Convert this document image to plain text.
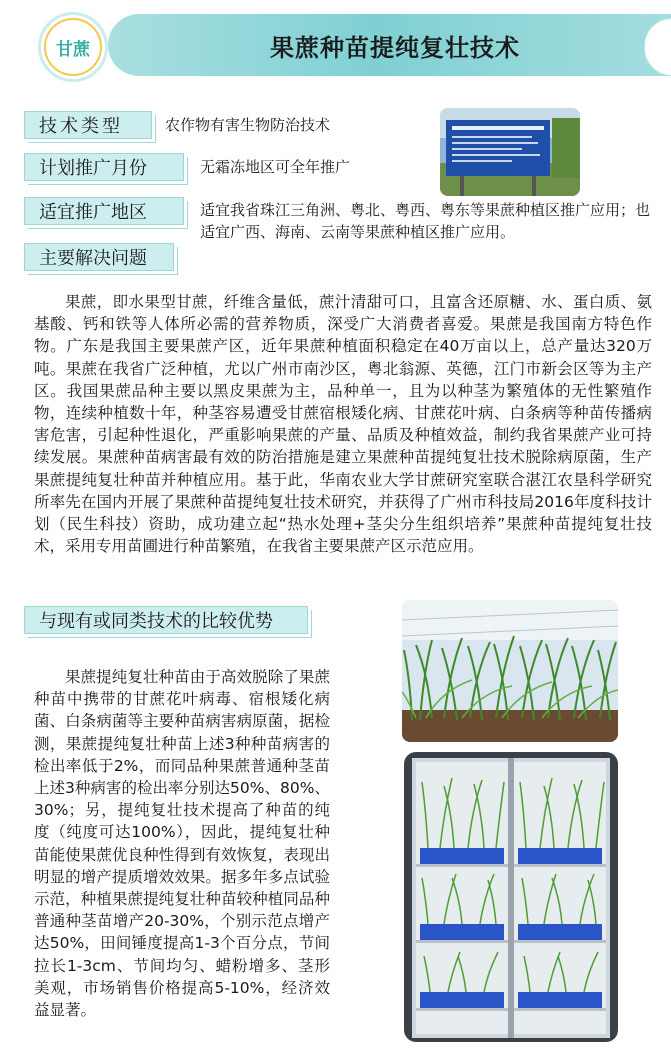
甘蔗	果蔗种苗提纯复壮技术
技术类型	农作物有害生物防治技术
计划推广月份	无霜冻地区可全年推广
适宜推广地区	适宜我省珠江三角洲、粤北、粤西、粤东等果蔗种植区推广应用；也适宜广西、海南、云南等果蔗种植区推广应用。
主要解决问题
果蔗，即水果型甘蔗，纤维含量低，蔗汁清甜可口，且富含还原糖、水、蛋白质、氨基酸、钙和铁等人体所必需的营养物质，深受广大消费者喜爱。果蔗是我国南方特色作物。广东是我国主要果蔗产区，近年果蔗种植面积稳定在40万亩以上，总产量达320万吨。果蔗在我省广泛种植，尤以广州市南沙区，粤北翁源、英德，江门市新会区等为主产区。我国果蔗品种主要以黑皮果蔗为主，品种单一，且为以种茎为繁殖体的无性繁殖作物，连续种植数十年，种茎容易遭受甘蔗宿根矮化病、甘蔗花叶病、白条病等种苗传播病害危害，引起种性退化，严重影响果蔗的产量、品质及种植效益，制约我省果蔗产业可持续发展。果蔗种苗病害最有效的防治措施是建立果蔗种苗提纯复壮技术脱除病原菌，生产果蔗提纯复壮种苗并种植应用。基于此，华南农业大学甘蔗研究室联合湛江农垦科学研究所率先在国内开展了果蔗种苗提纯复壮技术研究，并获得了广州市科技局2016年度科技计划（民生科技）资助，成功建立起“热水处理+茎尖分生组织培养”果蔗种苗提纯复壮技术，采用专用苗圃进行种苗繁殖，在我省主要果蔗产区示范应用。
与现有或同类技术的比较优势
果蔗提纯复壮种苗由于高效脱除了果蔗种苗中携带的甘蔗花叶病毒、宿根矮化病菌、白条病菌等主要种苗病害病原菌，据检测，果蔗提纯复壮种苗上述3种种苗病害的检出率低于2%，而同品种果蔗普通种茎苗上述3种病害的检出率分别达50%、80%、30%；另，提纯复壮技术提高了种苗的纯度（纯度可达100%），因此，提纯复壮种苗能使果蔗优良种性得到有效恢复，表现出明显的增产提质增效效果。据多年多点试验示范，种植果蔗提纯复壮种苗较种植同品种普通种茎苗增产20-30%，个别示范点增产达50%，田间锤度提高1-3个百分点，节间拉长1-3cm、节间均匀、蜡粉增多、茎形美观，市场销售价格提高5-10%，经济效益显著。
